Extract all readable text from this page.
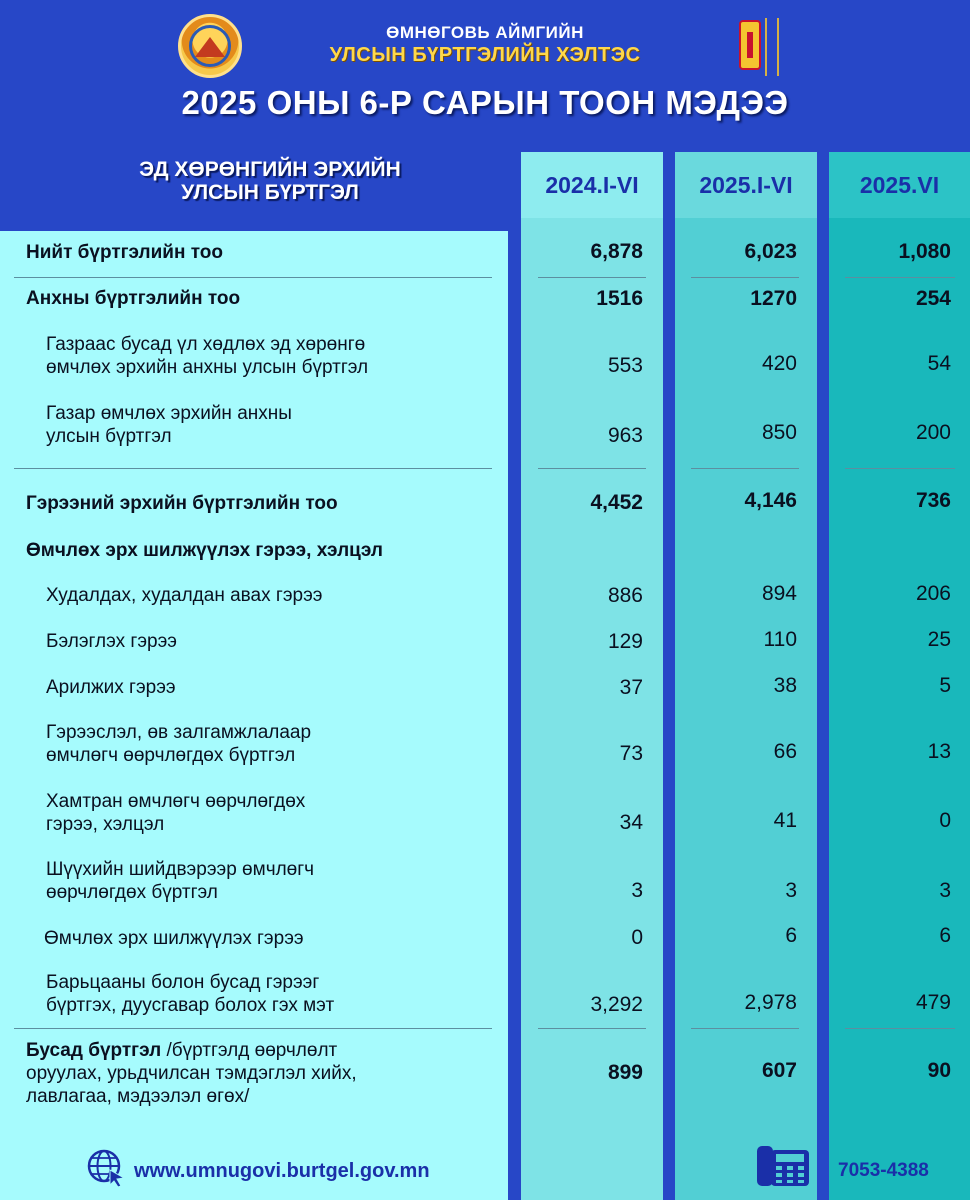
ӨМНӨГОВЬ АЙМГИЙН
УЛСЫН БҮРТГЭЛИЙН ХЭЛТЭС
2025 ОНЫ 6-Р САРЫН ТООН МЭДЭЭ
ЭД ХӨРӨНГИЙН ЭРХИЙН
УЛСЫН БҮРТГЭЛ	2024.I-VI	2025.I-VI	2025.VI
Нийт бүртгэлийн тоо	6,878	6,023	1,080
Анхны бүртгэлийн тоо	1516	1270	254
Газраас бусад үл хөдлөх эд хөрөнгө
өмчлөх эрхийн анхны улсын бүртгэл	553	420	54
Газар өмчлөх эрхийн анхны
улсын бүртгэл	963	850	200
Гэрээний эрхийн бүртгэлийн тоо	4,452	4,146	736
Өмчлөх эрх шилжүүлэх гэрээ, хэлцэл
Худалдах, худалдан авах гэрээ	886	894	206
Бэлэглэх гэрээ	129	110	25
Арилжих гэрээ	37	38	5
Гэрээслэл, өв залгамжлалаар
өмчлөгч өөрчлөгдөх бүртгэл	73	66	13
Хамтран өмчлөгч өөрчлөгдөх
гэрээ, хэлцэл	34	41	0
Шүүхийн шийдвэрээр өмчлөгч
өөрчлөгдөх бүртгэл	3	3	3
Өмчлөх эрх шилжүүлэх гэрээ	0	6	6
Барьцааны болон бусад гэрээг
бүртгэх, дуусгавар болох гэх мэт	3,292	2,978	479
Бусад бүртгэл /бүртгэлд өөрчлөлт
оруулах, урьдчилсан тэмдэглэл хийх,
лавлагаа, мэдээлэл өгөх/
899	607	90
www.umnugovi.burtgel.gov.mn	7053-4388
